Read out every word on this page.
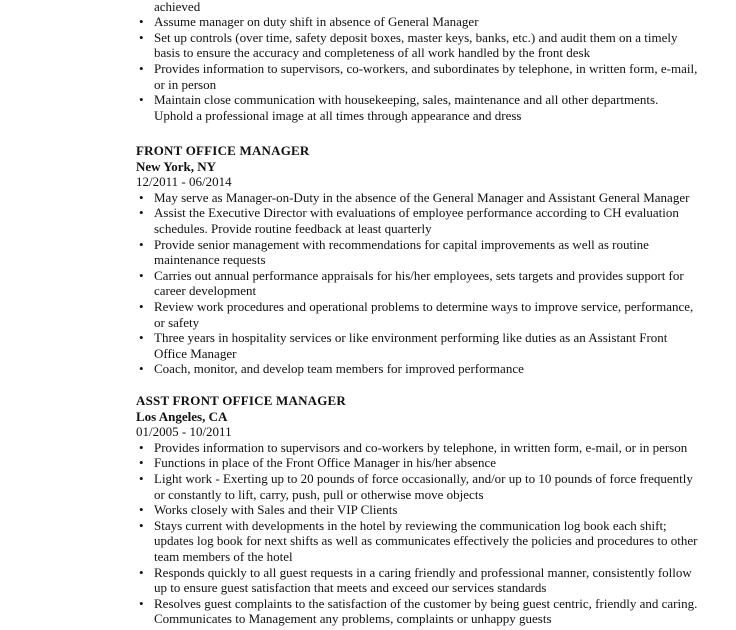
achieved
• Assume manager on duty shift in absence of General Manager
• Set up controls (over time, safety deposit boxes, master keys, banks, etc.) and audit them on a timely basis to ensure the accuracy and completeness of all work handled by the front desk
• Provides information to supervisors, co-workers, and subordinates by telephone, in written form, e-mail, or in person
• Maintain close communication with housekeeping, sales, maintenance and all other departments. Uphold a professional image at all times through appearance and dress
FRONT OFFICE MANAGER
New York, NY
12/2011 - 06/2014
• May serve as Manager-on-Duty in the absence of the General Manager and Assistant General Manager
• Assist the Executive Director with evaluations of employee performance according to CH evaluation schedules. Provide routine feedback at least quarterly
• Provide senior management with recommendations for capital improvements as well as routine maintenance requests
• Carries out annual performance appraisals for his/her employees, sets targets and provides support for career development
• Review work procedures and operational problems to determine ways to improve service, performance, or safety
• Three years in hospitality services or like environment performing like duties as an Assistant Front Office Manager
• Coach, monitor, and develop team members for improved performance
ASST FRONT OFFICE MANAGER
Los Angeles, CA
01/2005 - 10/2011
• Provides information to supervisors and co-workers by telephone, in written form, e-mail, or in person
• Functions in place of the Front Office Manager in his/her absence
• Light work - Exerting up to 20 pounds of force occasionally, and/or up to 10 pounds of force frequently or constantly to lift, carry, push, pull or otherwise move objects
• Works closely with Sales and their VIP Clients
• Stays current with developments in the hotel by reviewing the communication log book each shift; updates log book for next shifts as well as communicates effectively the policies and procedures to other team members of the hotel
• Responds quickly to all guest requests in a caring friendly and professional manner, consistently follow up to ensure guest satisfaction that meets and exceed our services standards
• Resolves guest complaints to the satisfaction of the customer by being guest centric, friendly and caring. Communicates to Management any problems, complaints or unhappy guests
